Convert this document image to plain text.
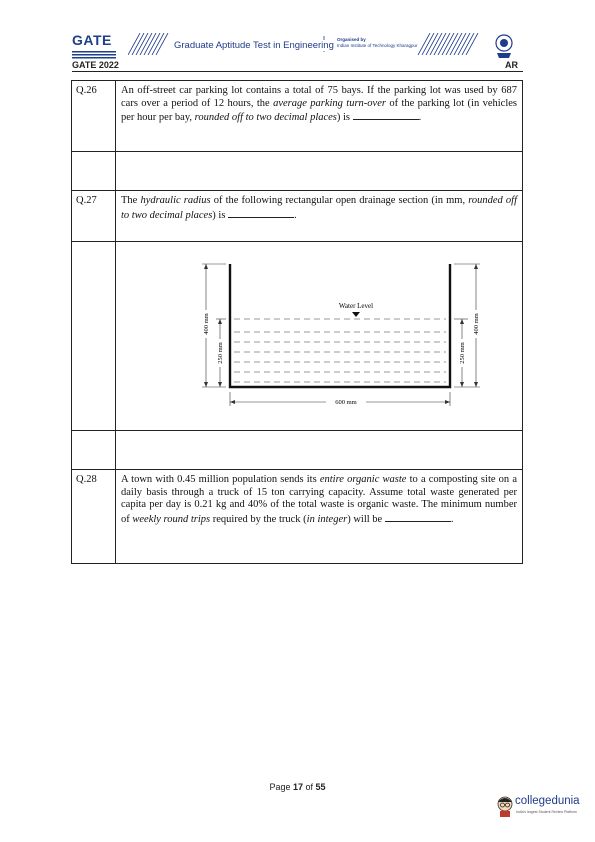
GATE	Graduate Aptitude Test in Engineering
Organised by
Indian Institute of Technology Kharagpur
GATE 2022	AR
Q.26	An off-street car parking lot contains a total of 75 bays. If the parking lot was used by 687 cars over a period of 12 hours, the average parking turn-over of the parking lot (in vehicles per hour per bay, rounded off to two decimal places) is	.
Q.27	The hydraulic radius of the following rectangular open drainage section (in mm, rounded off to two decimal places) is	.
Water Level
400 mm
250 mm	250 mm
400 mm
600 mm
Q.28	A town with 0.45 million population sends its entire organic waste to a composting site on a daily basis through a truck of 15 ton carrying capacity. Assume total waste generated per capita per day is 0.21 kg and 40% of the total waste is organic waste. The minimum number of weekly round trips required by the truck (in integer) will be	.
Page 17 of 55
collegedunia
India's largest Student Review Platform
